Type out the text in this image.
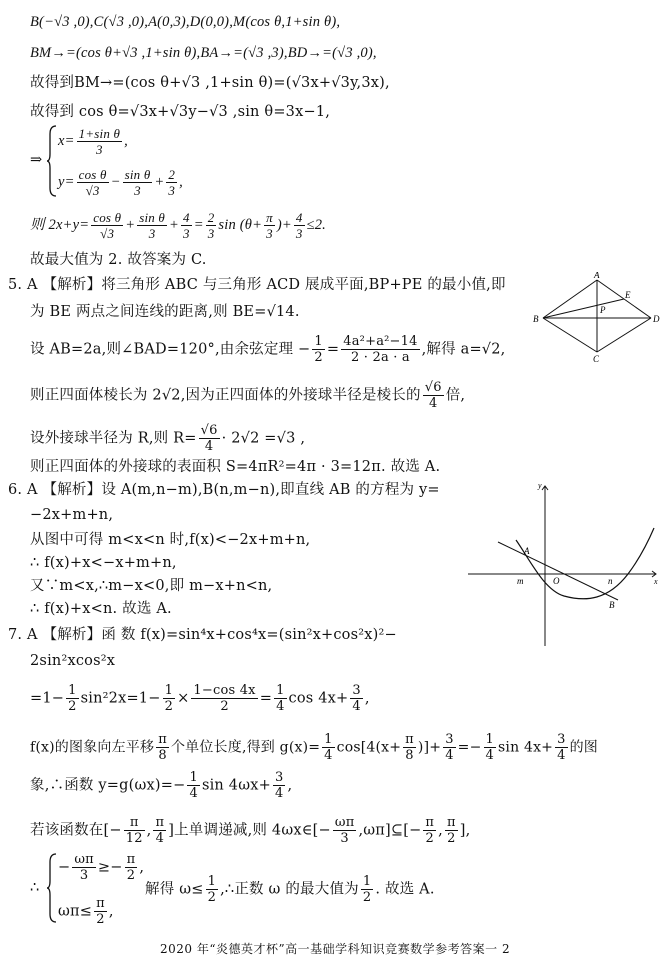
B(−√3 ,0),C(√3 ,0),A(0,3),D(0,0),M(cos θ,1+sin θ),
BM→=(cos θ+√3 ,1+sin θ),BA→=(√3 ,3),BD→=(√3 ,0),
故得到BM→=(cos θ+√3 ,1+sin θ)=(√3x+√3y,3x),
故得到 cos θ=√3x+√3y−√3 ,sin θ=3x−1,
⇒
$x= \frac{\text{1+sin θ}}{3}$ ,
$y= \frac{\text{cos θ}}{√3} - \frac{\text{sin θ}}{3} + \frac{2}{3}$ ,
则 $2x+y= \frac{\text{cos θ}}{√3} + \frac{\text{sin θ}}{3} + \frac{4}{3} = \frac{2}{3}$ $\sin (\theta+ \frac{\pi}{3}$ )+ $\frac{4}{3} \le 2$.
故最大值为 2. 故答案为 C.
5. A 【解析】将三角形 ABC 与三角形 ACD 展成平面,BP+PE 的最小值,即
为 BE 两点之间连线的距离,则 BE=√14.
设 AB=2a,则∠BAD=120°,由余弦定理 − $\frac{1}{2} = \frac{\text{4a²+a²−14}}{2 \cdot 2a \cdot a}$ ,解得 a=√2,
则正四面体棱长为 2√2,因为正四面体的外接球半径是棱长的 $\frac{√6}{4}$ 倍,
设外接球半径为 R,则 $R= \frac{√6}{4} \cdot 2√2 =√3$ ,
则正四面体的外接球的表面积 S=4πR²=4π · 3=12π. 故选 A.
A
B
C
D
P
E
6. A 【解析】设 A(m,n−m),B(n,m−n),即直线 AB 的方程为 y=
−2x+m+n,
从图中可得 m<x<n 时,f(x)<−2x+m+n,
∴ f(x)+x<−x+m+n,
又∵m<x,∴m−x<0,即 m−x+n<n,
∴ f(x)+x<n. 故选 A.
y
x
O
m	n
A
B
7. A 【解析】函 数 f(x)=sin⁴x+cos⁴x=(sin²x+cos²x)²−
2sin²xcos²x
$=1- \frac{1}{2} \sin^22x=1- \frac{1}{2} \times \frac{1-\cos 4x}{2} = \frac{1}{4}$ $\cos 4x+ \frac{3}{4}$ ,
f(x)的图象向左平移 $\frac{\pi}{8}$ 个单位长度,得到 $g(x)= \frac{1}{4} \cos[4(x+ \frac{\pi}{8}$ )]+ $\frac{3}{4} =- \frac{1}{4}$ $\sin 4x+ \frac{3}{4}$ 的图
象,∴函数 $y=g(\omega x)=- \frac{1}{4}$ $\sin 4\omega x+ \frac{3}{4}$ ,
若该函数在[− $\frac{\pi}{12}$ , $\frac{\pi}{4}$ ]上单调递减,则 4ωx∈[− $\frac{\omega\pi}{3}$ ,ωπ]⊆[− $\frac{\pi}{2}$ , $\frac{\pi}{2}$ ],
∴
− $\frac{\omega\pi}{3} \ge- \frac{\pi}{2}$ ,
$\omega\pi\le \frac{\pi}{2}$ ,
解得 $\omega\le \frac{1}{2}$ ,∴正数 ω 的最大值为 $\frac{1}{2}$ . 故选 A.
2020 年“炎德英才杯”高一基础学科知识竞赛数学参考答案一 2
